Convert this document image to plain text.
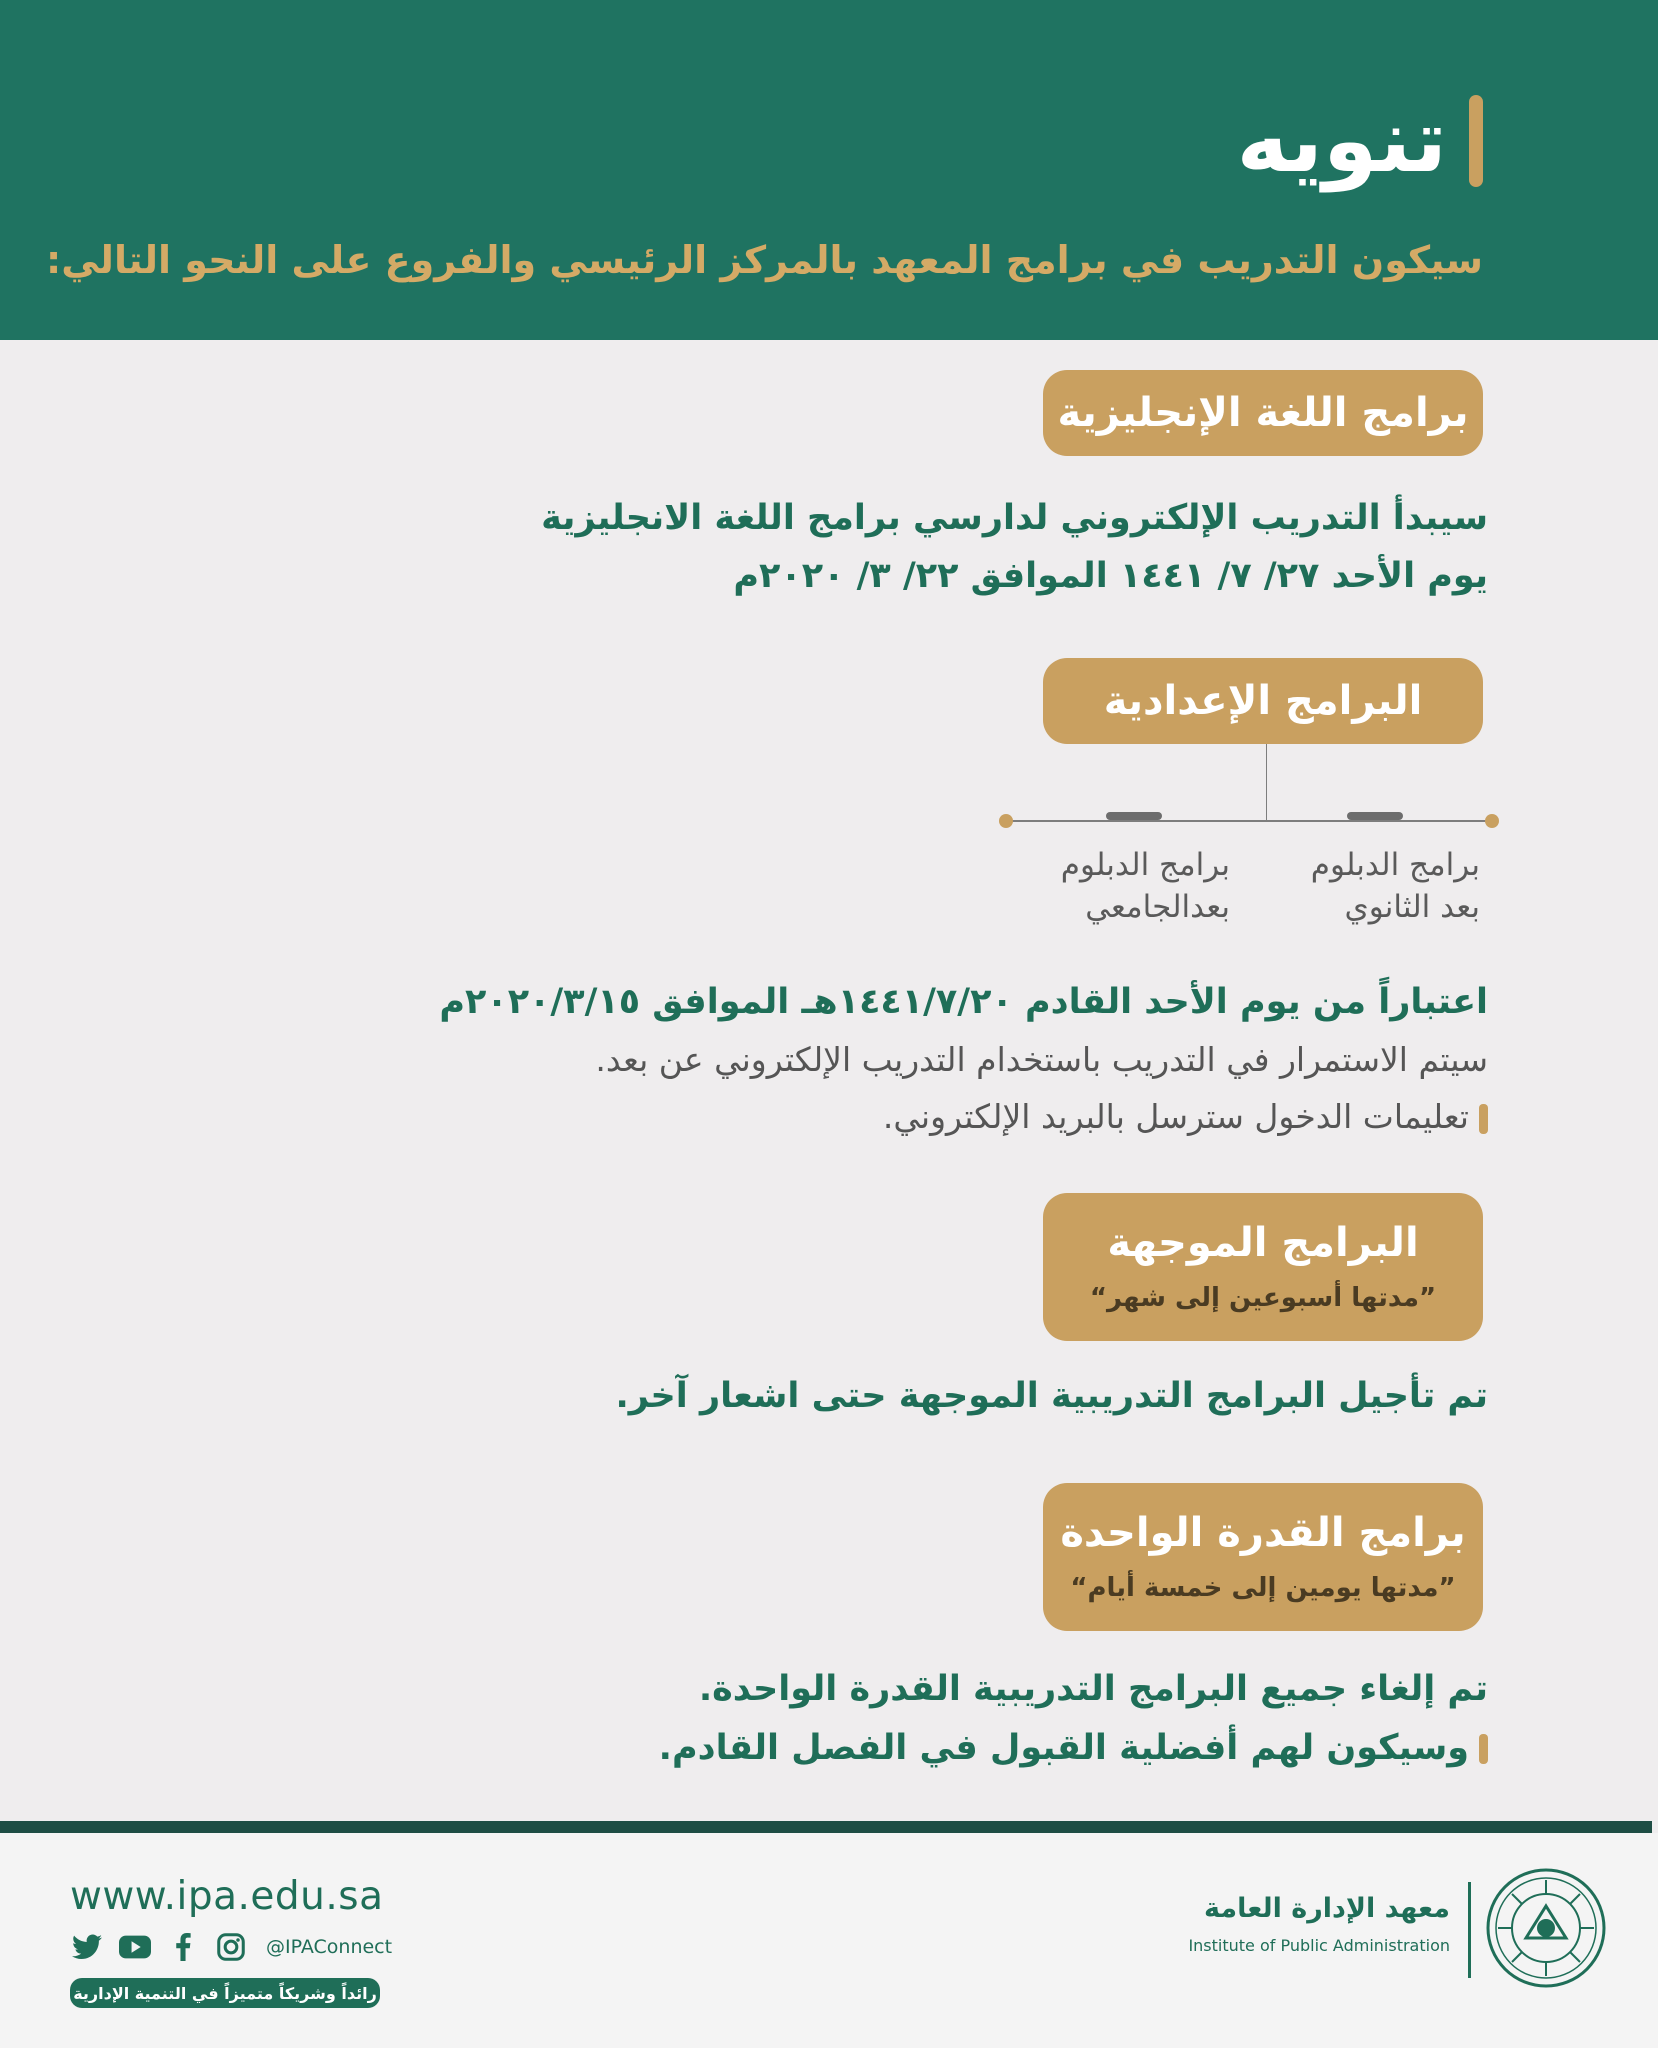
تنويه
سيكون التدريب في برامج المعهد بالمركز الرئيسي والفروع على النحو التالي:
برامج اللغة الإنجليزية
سيبدأ التدريب الإلكتروني لدارسي برامج اللغة الانجليزية
يوم الأحد ٢٧/ ٧/ ١٤٤١ الموافق ٢٢/ ٣/ ٢٠٢٠م
البرامج الإعدادية
برامج الدبلوم
بعد الثانوي
برامج الدبلوم
بعدالجامعي
اعتباراً من يوم الأحد القادم ١٤٤١/٧/٢٠هـ الموافق ٢٠٢٠/٣/١٥م
سيتم الاستمرار في التدريب باستخدام التدريب الإلكتروني عن بعد.
تعليمات الدخول سترسل بالبريد الإلكتروني.
البرامج الموجهة
”مدتها أسبوعين إلى شهر“
تم تأجيل البرامج التدريبية الموجهة حتى اشعار آخر.
برامج القدرة الواحدة
”مدتها يومين إلى خمسة أيام“
تم إلغاء جميع البرامج التدريبية القدرة الواحدة.
وسيكون لهم أفضلية القبول في الفصل القادم.
www.ipa.edu.sa
@IPAConnect
رائداً وشريكاً متميزاً في التنمية الإدارية
معهد الإدارة العامة
Institute of Public Administration
